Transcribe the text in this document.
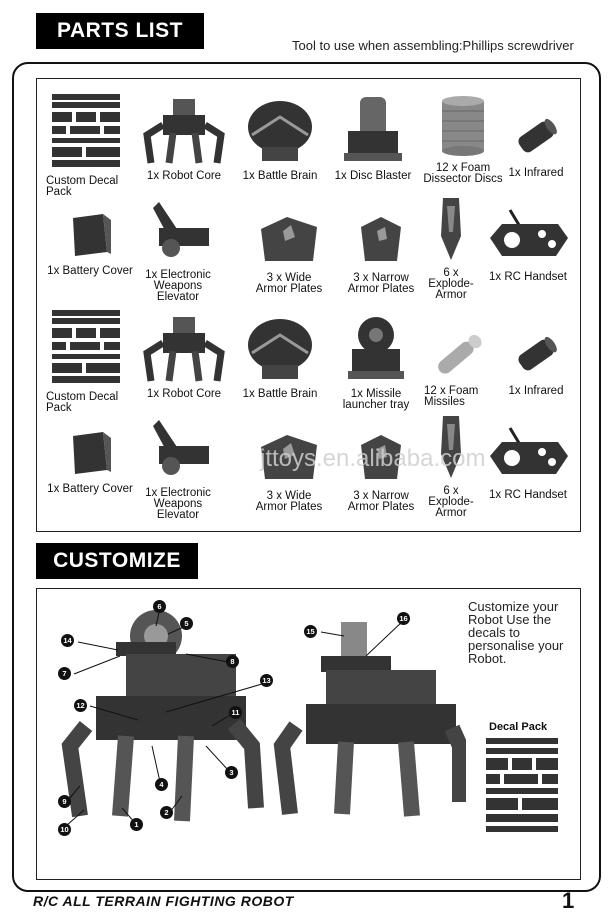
PARTS LIST
Tool to use when assembling:Phillips screwdriver
Custom Decal
Pack
1x Robot Core	1x Battle Brain 1x Disc Blaster
12 x Foam
Dissector Discs 1x Infrared
1x Battery Cover	1x Electronic
Weapons
Elevator
3 x Wide
Armor Plates
3 x Narrow
Armor Plates
6 x
Explode-
Armor
1x RC Handset
Custom Decal
Pack
1x Robot Core	1x Battle Brain	1x Missile
launcher tray
12 x Foam
Missiles
1x Infrared
1x Battery Cover	1x Electronic
Weapons
Elevator
3 x Wide
Armor Plates
3 x Narrow
Armor Plates
6 x
Explode-
Armor
1x RC Handset
jttoys.en.alibaba.com
CUSTOMIZE
6
5
14
7
8
13
12
11
3
4
9
10
2
1
15
16
Customize your Robot Use the decals to personalise your Robot.
Decal Pack
R/C ALL TERRAIN FIGHTING ROBOT	1
